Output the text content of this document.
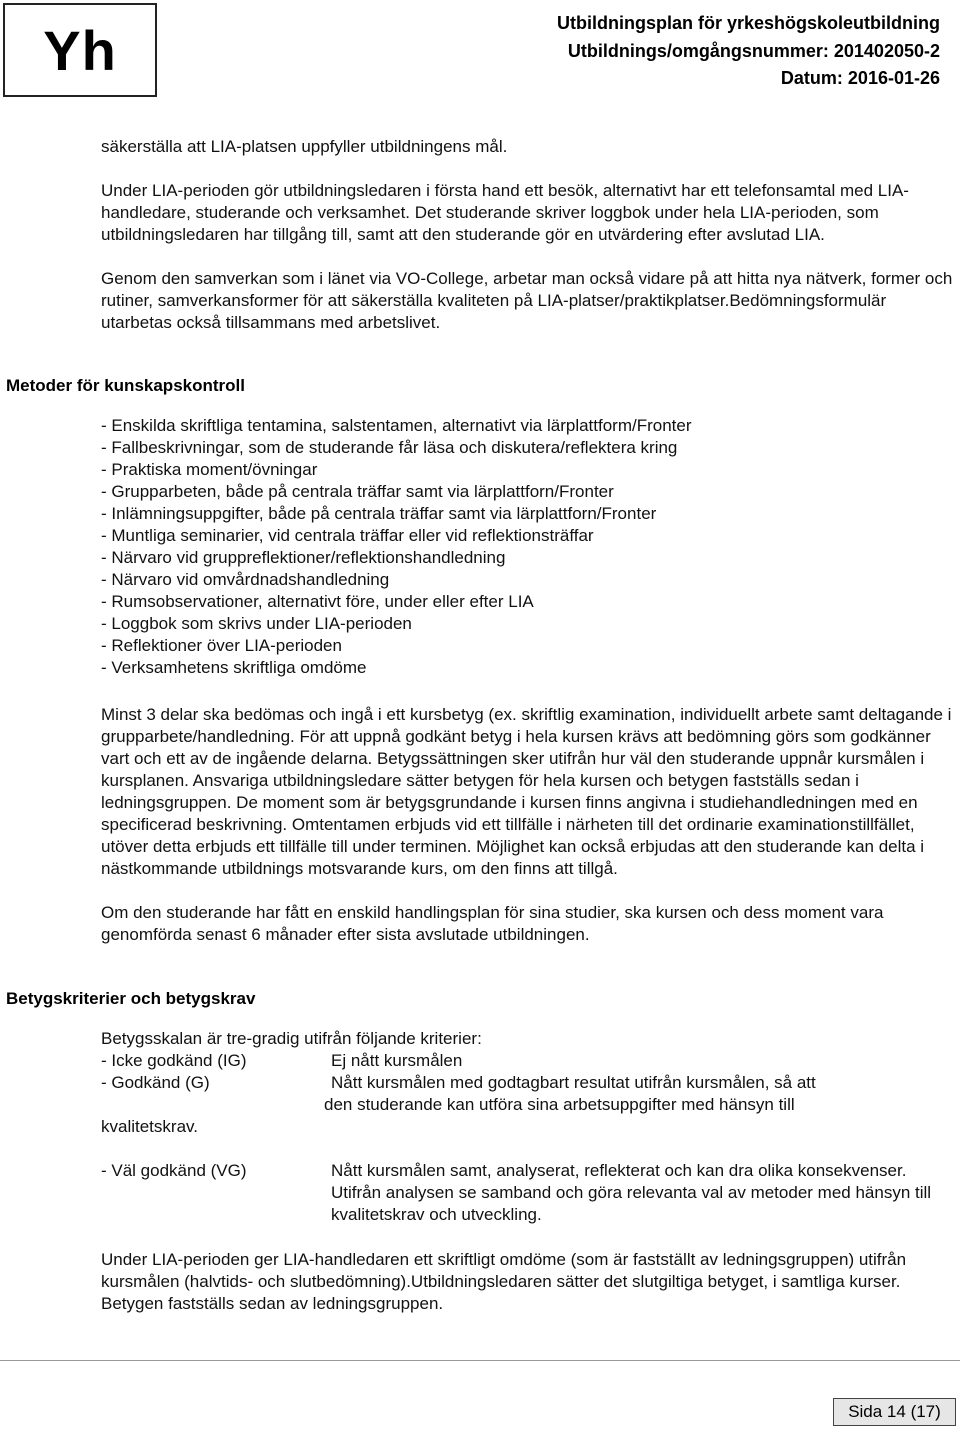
Yh	Utbildningsplan för yrkeshögskoleutbildning
Utbildnings/omgångsnummer: 201402050-2
Datum: 2016-01-26

säkerställa att LIA-platsen uppfyller utbildningens mål.

Under LIA-perioden gör utbildningsledaren i första hand ett besök, alternativt har ett telefonsamtal med LIA-handledare, studerande och verksamhet. Det studerande skriver loggbok under hela LIA-perioden, som utbildningsledaren har tillgång till, samt att den studerande gör en utvärdering efter avslutad LIA.

Genom den samverkan som i länet via VO-College, arbetar man också vidare på att hitta nya nätverk, former och rutiner, samverkansformer för att säkerställa kvaliteten på LIA-platser/praktikplatser.Bedömningsformulär utarbetas också tillsammans med arbetslivet.

Metoder för kunskapskontroll
- Enskilda skriftliga tentamina, salstentamen, alternativt via lärplattform/Fronter
- Fallbeskrivningar, som de studerande får läsa och diskutera/reflektera kring
- Praktiska moment/övningar
- Grupparbeten, både på centrala träffar samt via lärplattforn/Fronter
- Inlämningsuppgifter, både på centrala träffar samt via lärplattforn/Fronter
- Muntliga seminarier, vid centrala träffar eller vid reflektionsträffar
- Närvaro vid gruppreflektioner/reflektionshandledning
- Närvaro vid omvårdnadshandledning
- Rumsobservationer, alternativt före, under eller efter LIA
- Loggbok som skrivs under LIA-perioden
- Reflektioner över LIA-perioden
- Verksamhetens skriftliga omdöme

Minst 3 delar ska bedömas och ingå i ett kursbetyg (ex. skriftlig examination, individuellt arbete samt deltagande i grupparbete/handledning. För att uppnå godkänt betyg i hela kursen krävs att bedömning görs som godkänner vart och ett av de ingående delarna. Betygssättningen sker utifrån hur väl den studerande uppnår kursmålen i kursplanen. Ansvariga utbildningsledare sätter betygen för hela kursen och betygen fastställs sedan i ledningsgruppen. De moment som är betygsgrundande i kursen finns angivna i studiehandledningen med en specificerad beskrivning. Omtentamen erbjuds vid ett tillfälle i närheten till det ordinarie examinationstillfället, utöver detta erbjuds ett tillfälle till under terminen. Möjlighet kan också erbjudas att den studerande kan delta i nästkommande utbildnings motsvarande kurs, om den finns att tillgå.

Om den studerande har fått en enskild handlingsplan för sina studier, ska kursen och dess moment vara genomförda senast 6 månader efter sista avslutade utbildningen.

Betygskriterier och betygskrav
Betygsskalan är tre-gradig utifrån följande kriterier:
- Icke godkänd (IG)	Ej nått kursmålen
- Godkänd (G)	Nått kursmålen med godtagbart resultat utifrån kursmålen, så att
den studerande kan utföra sina arbetsuppgifter med hänsyn till
kvalitetskrav.
- Väl godkänd (VG)	Nått kursmålen samt, analyserat, reflekterat och kan dra olika konsekvenser. Utifrån analysen se samband och göra relevanta val av metoder med hänsyn till kvalitetskrav och utveckling.
Under LIA-perioden ger LIA-handledaren ett skriftligt omdöme (som är fastställt av ledningsgruppen) utifrån kursmålen (halvtids- och slutbedömning).Utbildningsledaren sätter det slutgiltiga betyget, i samtliga kurser. Betygen fastställs sedan av ledningsgruppen.
Sida 14 (17)
